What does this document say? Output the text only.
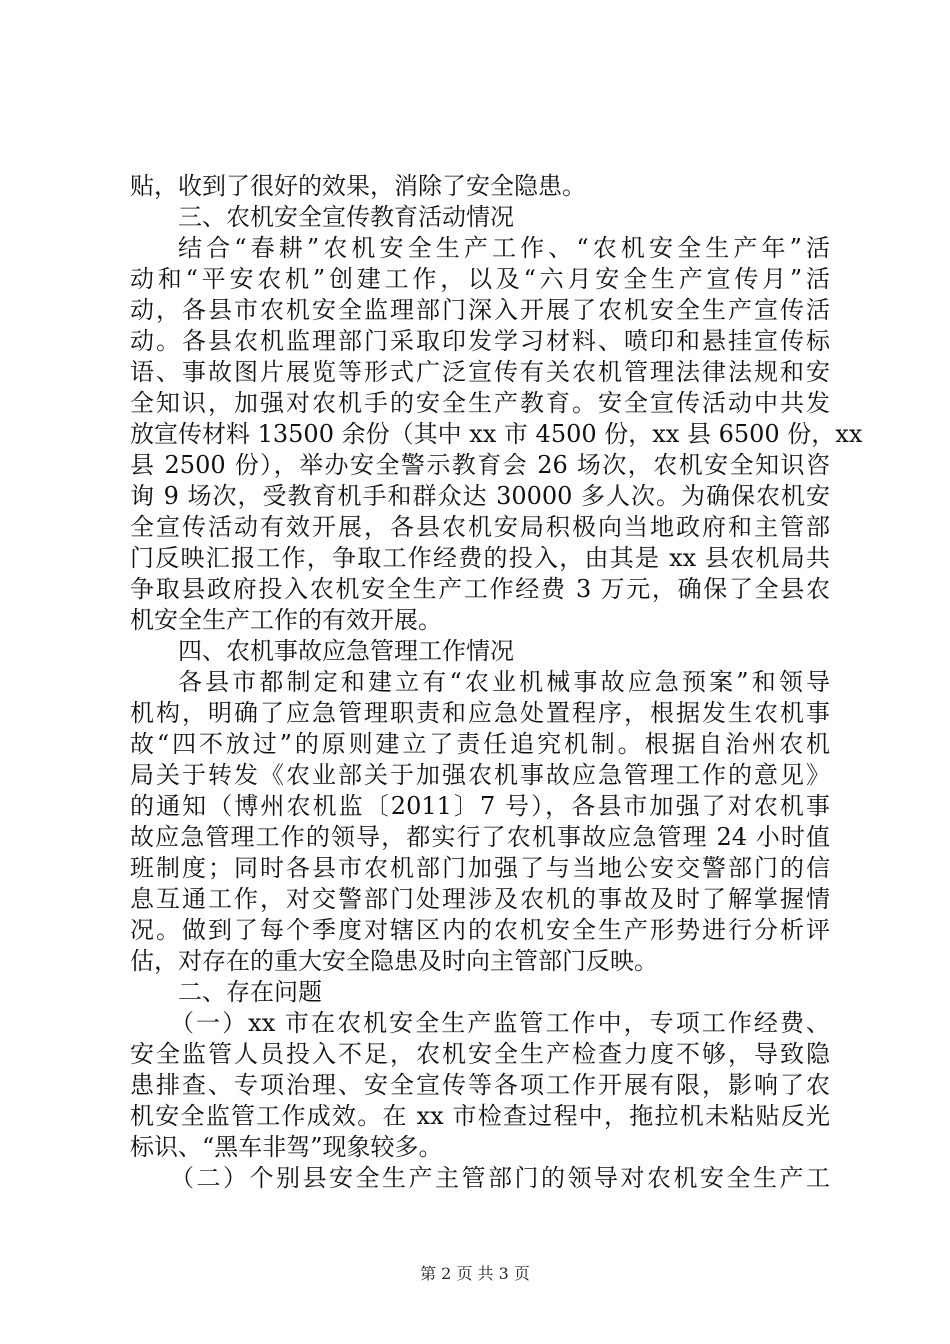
贴，收到了很好的效果，消除了安全隐患。
三、农机安全宣传教育活动情况
结合“春耕”农机安全生产工作、“农机安全生产年”活
动和“平安农机”创建工作，以及“六月安全生产宣传月”活
动，各县市农机安全监理部门深入开展了农机安全生产宣传活
动。各县农机监理部门采取印发学习材料、喷印和悬挂宣传标
语、事故图片展览等形式广泛宣传有关农机管理法律法规和安
全知识，加强对农机手的安全生产教育。安全宣传活动中共发
放宣传材料 13500 余份（其中 xx 市 4500 份，xx 县 6500 份，xx
县 2500 份），举办安全警示教育会 26 场次，农机安全知识咨
询 9 场次，受教育机手和群众达 30000 多人次。为确保农机安
全宣传活动有效开展，各县农机安局积极向当地政府和主管部
门反映汇报工作，争取工作经费的投入，由其是 xx 县农机局共
争取县政府投入农机安全生产工作经费 3 万元，确保了全县农
机安全生产工作的有效开展。
四、农机事故应急管理工作情况
各县市都制定和建立有“农业机械事故应急预案”和领导
机构，明确了应急管理职责和应急处置程序，根据发生农机事
故“四不放过”的原则建立了责任追究机制。根据自治州农机
局关于转发《农业部关于加强农机事故应急管理工作的意见》
的通知（博州农机监〔2011〕7 号），各县市加强了对农机事
故应急管理工作的领导，都实行了农机事故应急管理 24 小时值
班制度；同时各县市农机部门加强了与当地公安交警部门的信
息互通工作，对交警部门处理涉及农机的事故及时了解掌握情
况。做到了每个季度对辖区内的农机安全生产形势进行分析评
估，对存在的重大安全隐患及时向主管部门反映。
二、存在问题
（一）xx 市在农机安全生产监管工作中，专项工作经费、
安全监管人员投入不足，农机安全生产检查力度不够，导致隐
患排查、专项治理、安全宣传等各项工作开展有限，影响了农
机安全监管工作成效。在 xx 市检查过程中，拖拉机未粘贴反光
标识、“黑车非驾”现象较多。
（二）个别县安全生产主管部门的领导对农机安全生产工
第 2 页 共 3 页
